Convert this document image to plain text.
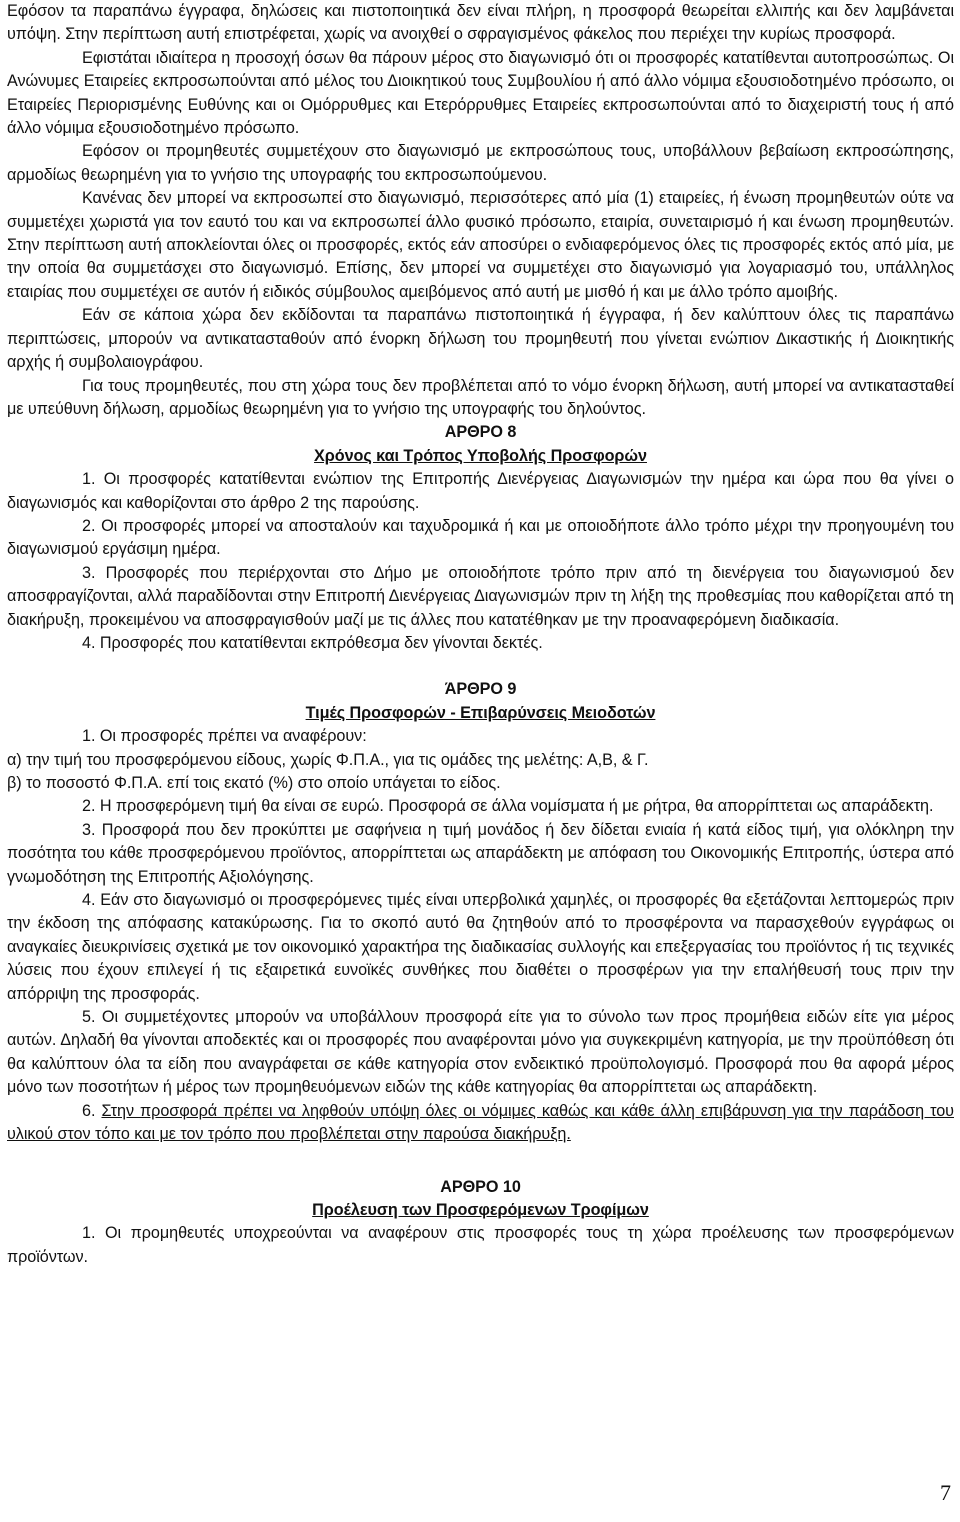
Εφόσον τα παραπάνω έγγραφα, δηλώσεις και πιστοποιητικά δεν είναι πλήρη, η προσφορά θεωρείται ελλιπής και δεν λαμβάνεται υπόψη. Στην περίπτωση αυτή επιστρέφεται, χωρίς να ανοιχθεί ο σφραγισμένος φάκελος που περιέχει την κυρίως προσφορά.

Εφιστάται ιδιαίτερα η προσοχή όσων θα πάρουν μέρος στο διαγωνισμό ότι οι προσφορές κατατίθενται αυτοπροσώπως. Οι Ανώνυμες Εταιρείες εκπροσωπούνται από μέλος του Διοικητικού τους Συμβουλίου ή από άλλο νόμιμα εξουσιοδοτημένο πρόσωπο, οι Εταιρείες Περιορισμένης Ευθύνης και οι Ομόρρυθμες και Ετερόρρυθμες Εταιρείες εκπροσωπούνται από το διαχειριστή τους ή από άλλο νόμιμα εξουσιοδοτημένο πρόσωπο.

Εφόσον οι προμηθευτές συμμετέχουν στο διαγωνισμό με εκπροσώπους τους, υποβάλλουν βεβαίωση εκπροσώπησης, αρμοδίως θεωρημένη για το γνήσιο της υπογραφής του εκπροσωπούμενου.

Κανένας δεν μπορεί να εκπροσωπεί στο διαγωνισμό, περισσότερες από μία (1) εταιρείες, ή ένωση προμηθευτών ούτε να συμμετέχει χωριστά για τον εαυτό του και να εκπροσωπεί άλλο φυσικό πρόσωπο, εταιρία, συνεταιρισμό ή και ένωση προμηθευτών. Στην περίπτωση αυτή αποκλείονται όλες οι προσφορές, εκτός εάν αποσύρει ο ενδιαφερόμενος όλες τις προσφορές εκτός από μία, με την οποία θα συμμετάσχει στο διαγωνισμό. Επίσης, δεν μπορεί να συμμετέχει στο διαγωνισμό για λογαριασμό του, υπάλληλος εταιρίας που συμμετέχει σε αυτόν ή ειδικός σύμβουλος αμειβόμενος από αυτή με μισθό ή και με άλλο τρόπο αμοιβής.

Εάν σε κάποια χώρα δεν εκδίδονται τα παραπάνω πιστοποιητικά ή έγγραφα, ή δεν καλύπτουν όλες τις παραπάνω περιπτώσεις, μπορούν να αντικατασταθούν από ένορκη δήλωση του προμηθευτή που γίνεται ενώπιον Δικαστικής ή Διοικητικής αρχής ή συμβολαιογράφου.

Για τους προμηθευτές, που στη χώρα τους δεν προβλέπεται από το νόμο ένορκη δήλωση, αυτή μπορεί να αντικατασταθεί με υπεύθυνη δήλωση, αρμοδίως θεωρημένη για το γνήσιο της υπογραφής του δηλούντος.

ΑΡΘΡΟ 8

Χρόνος και Τρόπος Υποβολής Προσφορών

1. Οι προσφορές κατατίθενται ενώπιον της Επιτροπής Διενέργειας Διαγωνισμών την ημέρα και ώρα που θα γίνει ο διαγωνισμός και καθορίζονται στο άρθρο 2 της παρούσης.

2. Οι προσφορές μπορεί να αποσταλούν και ταχυδρομικά ή και με οποιοδήποτε άλλο τρόπο μέχρι την προηγουμένη του διαγωνισμού εργάσιμη ημέρα.

3. Προσφορές που περιέρχονται στο Δήμο με οποιοδήποτε τρόπο πριν από τη διενέργεια του διαγωνισμού δεν αποσφραγίζονται, αλλά παραδίδονται στην Επιτροπή Διενέργειας Διαγωνισμών πριν τη λήξη της προθεσμίας που καθορίζεται από τη διακήρυξη, προκειμένου να αποσφραγισθούν μαζί με τις άλλες που κατατέθηκαν με την προαναφερόμενη διαδικασία.

4. Προσφορές που κατατίθενται εκπρόθεσμα δεν γίνονται δεκτές.

ΆΡΘΡΟ 9

Τιμές Προσφορών - Επιβαρύνσεις Μειοδοτών

1. Οι προσφορές πρέπει να αναφέρουν:

α) την τιμή του προσφερόμενου είδους, χωρίς Φ.Π.Α., για τις ομάδες της μελέτης: Α,Β, & Γ.

β) το ποσοστό Φ.Π.Α. επί τοις εκατό (%) στο οποίο υπάγεται το είδος.

2. Η προσφερόμενη τιμή θα είναι σε ευρώ. Προσφορά σε άλλα νομίσματα ή με ρήτρα, θα απορρίπτεται ως απαράδεκτη.

3. Προσφορά που δεν προκύπτει με σαφήνεια η τιμή μονάδος ή δεν δίδεται ενιαία ή κατά είδος τιμή, για ολόκληρη την ποσότητα του κάθε προσφερόμενου προϊόντος, απορρίπτεται ως απαράδεκτη με απόφαση του Οικονομικής Επιτροπής, ύστερα από γνωμοδότηση της Επιτροπής Αξιολόγησης.

4. Εάν στο διαγωνισμό οι προσφερόμενες τιμές είναι υπερβολικά χαμηλές, οι προσφορές θα εξετάζονται λεπτομερώς πριν την έκδοση της απόφασης κατακύρωσης. Για το σκοπό αυτό θα ζητηθούν από το προσφέροντα να παρασχεθούν εγγράφως οι αναγκαίες διευκρινίσεις σχετικά με τον οικονομικό χαρακτήρα της διαδικασίας συλλογής και επεξεργασίας του προϊόντος ή τις τεχνικές λύσεις που έχουν επιλεγεί ή τις εξαιρετικά ευνοϊκές συνθήκες που διαθέτει ο προσφέρων για την επαλήθευσή τους πριν την απόρριψη της προσφοράς.

5. Οι συμμετέχοντες μπορούν να υποβάλλουν προσφορά είτε για το σύνολο των προς προμήθεια ειδών είτε για μέρος αυτών. Δηλαδή θα γίνονται αποδεκτές και οι προσφορές που αναφέρονται μόνο για συγκεκριμένη κατηγορία, με την προϋπόθεση ότι θα καλύπτουν όλα τα είδη που αναγράφεται σε κάθε κατηγορία στον ενδεικτικό προϋπολογισμό. Προσφορά που θα αφορά μέρος μόνο των ποσοτήτων ή μέρος των προμηθευόμενων ειδών της κάθε κατηγορίας θα απορρίπτεται ως απαράδεκτη.

6. Στην προσφορά πρέπει να ληφθούν υπόψη όλες οι νόμιμες καθώς και κάθε άλλη επιβάρυνση για την παράδοση του υλικού στον τόπο και με τον τρόπο που προβλέπεται στην παρούσα διακήρυξη.

ΑΡΘΡΟ 10

Προέλευση των Προσφερόμενων Τροφίμων

1. Οι προμηθευτές υποχρεούνται να αναφέρουν στις προσφορές τους τη χώρα προέλευσης των προσφερόμενων προϊόντων.

7
